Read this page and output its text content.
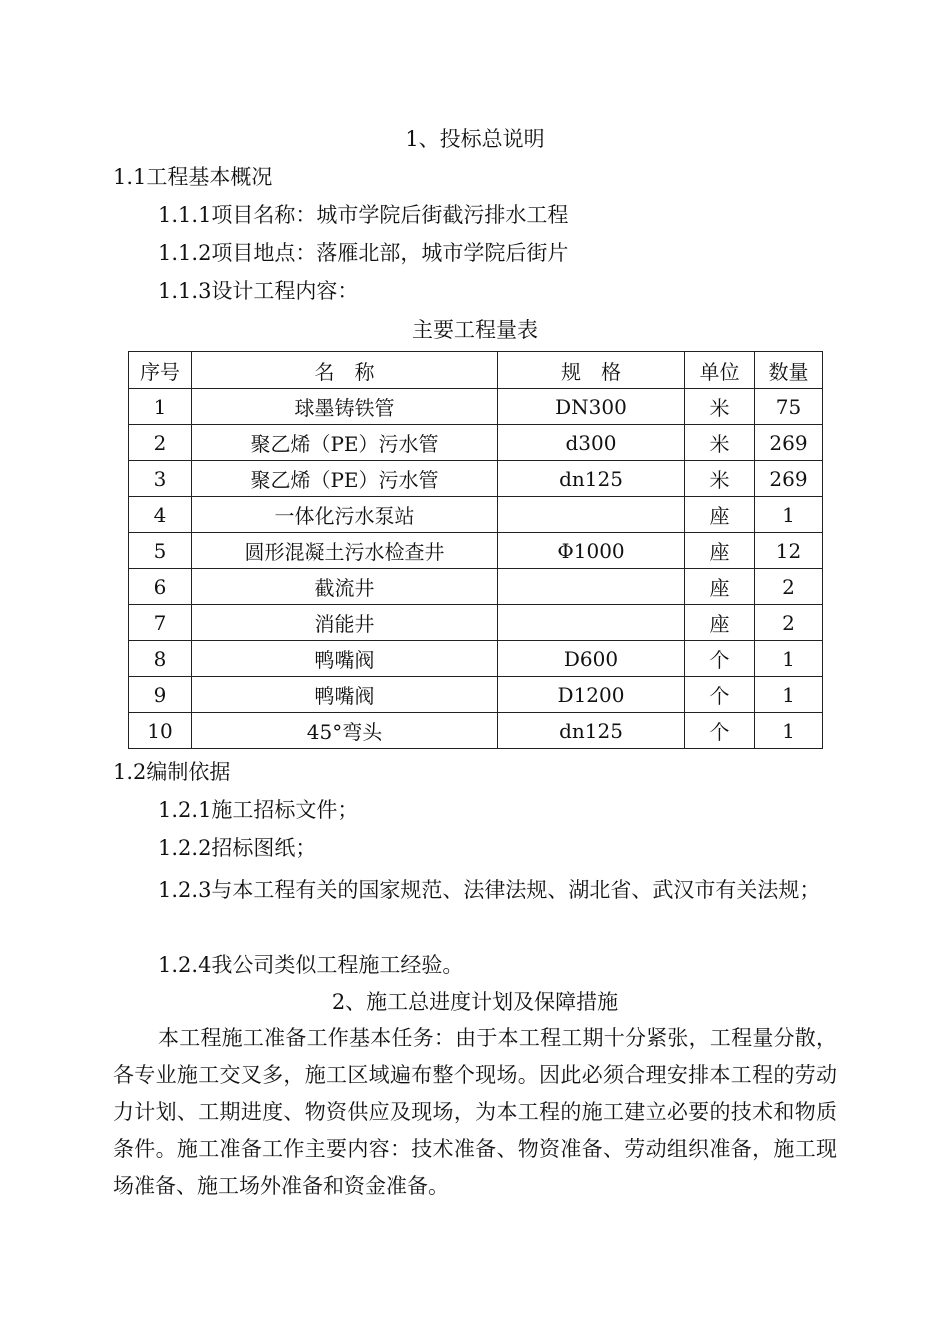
1、投标总说明
1.1工程基本概况
1.1.1项目名称：城市学院后街截污排水工程
1.1.2项目地点：落雁北部，城市学院后街片
1.1.3设计工程内容：
主要工程量表
序号	名　称	规　格	单位	数量
1	球墨铸铁管	DN300	米	75
2	聚乙烯（PE）污水管	d300	米	269
3	聚乙烯（PE）污水管	dn125	米	269
4	一体化污水泵站		座	1
5	圆形混凝土污水检查井	Φ1000	座	12
6	截流井		座	2
7	消能井		座	2
8	鸭嘴阀	D600	个	1
9	鸭嘴阀	D1200	个	1
10	45°弯头	dn125	个	1
1.2编制依据
1.2.1施工招标文件；
1.2.2招标图纸；
1.2.3与本工程有关的国家规范、法律法规、湖北省、武汉市有关法规；
1.2.4我公司类似工程施工经验。
2、施工总进度计划及保障措施
本工程施工准备工作基本任务：由于本工程工期十分紧张，工程量分散，各专业施工交叉多，施工区域遍布整个现场。因此必须合理安排本工程的劳动力计划、工期进度、物资供应及现场，为本工程的施工建立必要的技术和物质条件。施工准备工作主要内容：技术准备、物资准备、劳动组织准备，施工现场准备、施工场外准备和资金准备。
